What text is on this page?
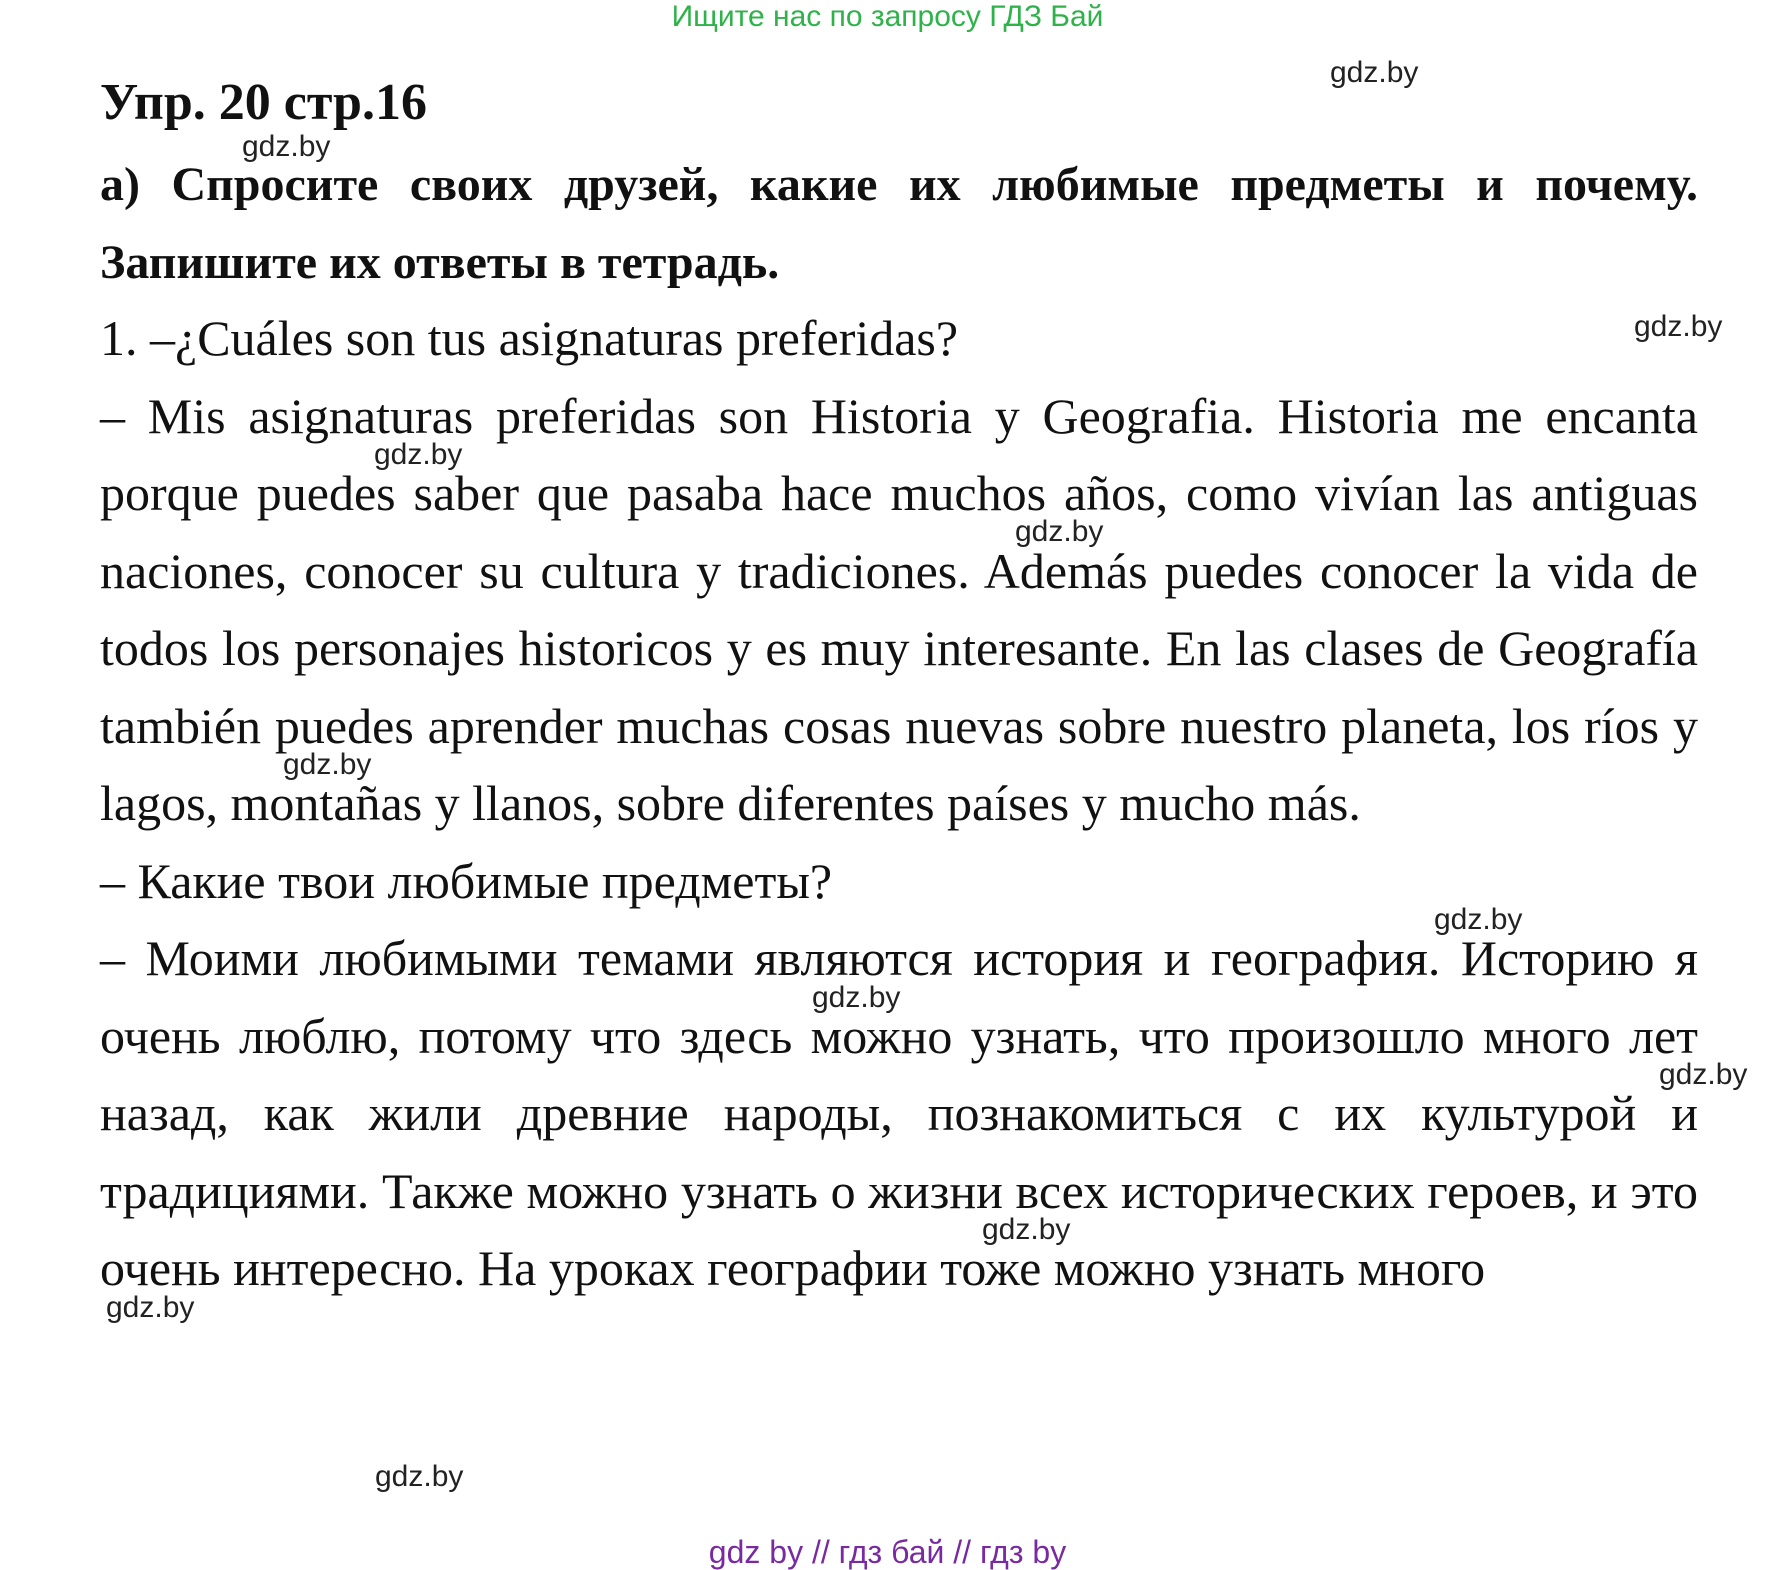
Ищите нас по запросу ГДЗ Бай
Упр. 20 стр.16
а) Спросите своих друзей, какие их любимые предметы и почему. Запишите их ответы в тетрадь.

1. –¿Cuáles son tus asignaturas preferidas?

– Mis asignaturas preferidas son Historia y Geografia. Historia me encanta porque puedes saber que pasaba hace muchos años, como vivían las antiguas naciones, conocer su cultura y tradiciones. Además puedes conocer la vida de todos los personajes historicos y es muy interesante. En las clases de Geografía también puedes aprender muchas cosas nuevas sobre nuestro planeta, los ríos y lagos, montañas y llanos, sobre diferentes países y mucho más.

– Какие твои любимые предметы?

– Моими любимыми темами являются история и география. Историю я очень люблю, потому что здесь можно узнать, что произошло много лет назад, как жили древние народы, познакомиться с их культурой и традициями. Также можно узнать о жизни всех исторических героев, и это очень интересно. На уроках географии тоже можно узнать много

gdz.by
gdz.by
gdz.by
gdz.by
gdz.by
gdz.by
gdz.by
gdz.by
gdz.by
gdz.by
gdz.by
gdz.by
gdz by // гдз бай // гдз by
